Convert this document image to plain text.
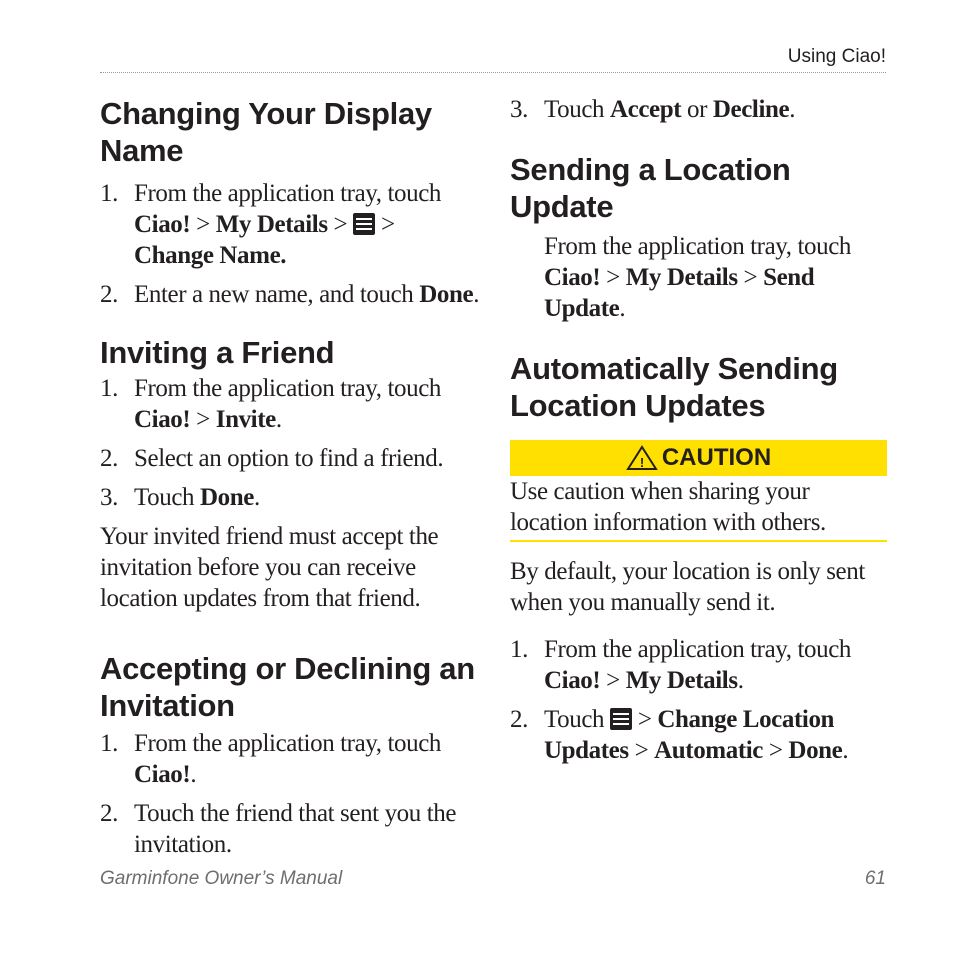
Using Ciao!
Changing Your Display Name
1. From the application tray, touch Ciao! > My Details >
> Change Name.
2. Enter a new name, and touch Done.
Inviting a Friend
1. From the application tray, touch Ciao! > Invite.
2. Select an option to find a friend.
3. Touch Done.

Your invited friend must accept the invitation before you can receive location updates from that friend.

Accepting or Declining an Invitation
1. From the application tray, touch Ciao!.
2. Touch the friend that sent you the invitation.
3. Touch Accept or Decline.
Sending a Location Update

From the application tray, touch Ciao! > My Details > Send Update.

Automatically Sending Location Updates
! CAUTION

Use caution when sharing your location information with others.

By default, your location is only sent when you manually send it.

1. From the application tray, touch Ciao! > My Details.
2. Touch
> Change Location Updates > Automatic > Done.
Garminfone Owner’s Manual	61
